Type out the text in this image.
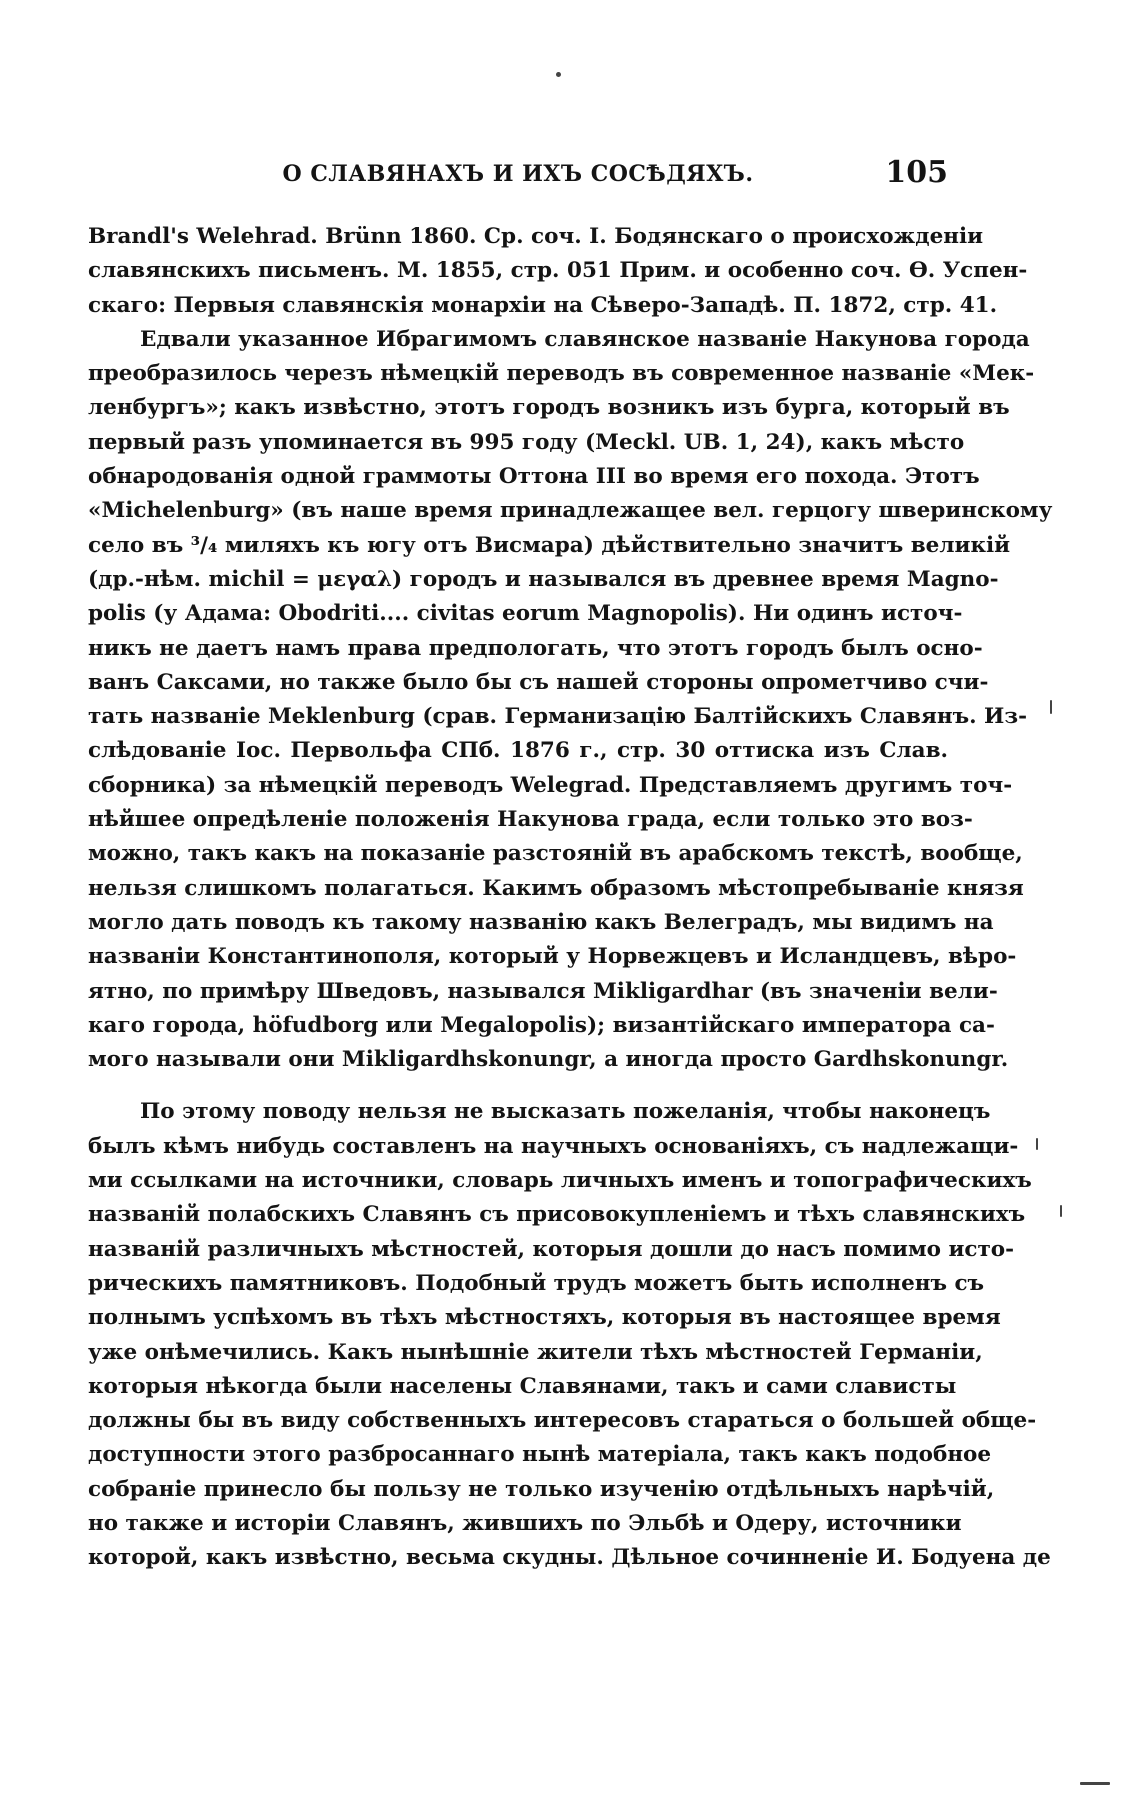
О СЛАВЯНАХЪ И ИХЪ СОСѢДЯХЪ.	105
Brandl's Welehrad. Brünn 1860. Ср. соч. І. Бодянскаго о происхожденіи
славянскихъ письменъ. М. 1855, стр. 051 Прим. и особенно соч. Ѳ. Успен-
скаго: Первыя славянскія монархіи на Сѣверо-Западѣ. П. 1872, стр. 41.
Едвали указанное Ибрагимомъ славянское названіе Накунова города
преобразилось черезъ нѣмецкій переводъ въ современное названіе «Мек-
ленбургъ»; какъ извѣстно, этотъ городъ возникъ изъ бурга, который въ
первый разъ упоминается въ 995 году (Meckl. UB. 1, 24), какъ мѣсто
обнародованія одной граммоты Оттона III во время его похода. Этотъ
«Michelenburg» (въ наше время принадлежащее вел. герцогу шверинскому
село въ ³/₄ миляхъ къ югу отъ Висмара) дѣйствительно значитъ великій
(др.-нѣм. michil = μεγαλ) городъ и назывался въ древнее время Magno-
polis (у Адама: Obodriti.... civitas eorum Magnopolis). Ни одинъ источ-
никъ не даетъ намъ права предпологать, что этотъ городъ былъ осно-
ванъ Саксами, но также было бы съ нашей стороны опрометчиво счи-
тать названіе Meklenburg (срав. Германизацію Балтійскихъ Славянъ. Из-
слѣдованіе Іос. Первольфа СПб. 1876 г., стр. 30 оттиска изъ Слав.
сборника) за нѣмецкій переводъ Welegrad. Представляемъ другимъ точ-
нѣйшее опредѣленіе положенія Накунова града, если только это воз-
можно, такъ какъ на показаніе разстояній въ арабскомъ текстѣ, вообще,
нельзя слишкомъ полагаться. Какимъ образомъ мѣстопребываніе князя
могло дать поводъ къ такому названію какъ Велеградъ, мы видимъ на
названіи Константинополя, который у Норвежцевъ и Исландцевъ, вѣро-
ятно, по примѣру Шведовъ, назывался Mikligardhar (въ значеніи вели-
каго города, höfudborg или Megalopolis); византійскаго императора са-
мого называли они Mikligardhskonungr, а иногда просто Gardhskonungr.
По этому поводу нельзя не высказать пожеланія, чтобы наконецъ
былъ кѣмъ нибудь составленъ на научныхъ основаніяхъ, съ надлежащи-
ми ссылками на источники, словарь личныхъ именъ и топографическихъ
названій полабскихъ Славянъ съ присовокупленіемъ и тѣхъ славянскихъ
названій различныхъ мѣстностей, которыя дошли до насъ помимо истo-
рическихъ памятниковъ. Подобный трудъ можетъ быть исполненъ съ
полнымъ успѣхомъ въ тѣхъ мѣстностяхъ, которыя въ настоящее время
уже онѣмечились. Какъ нынѣшніе жители тѣхъ мѣстностей Германіи,
которыя нѣкогда были населены Славянами, такъ и сами слависты
должны бы въ виду собственныхъ интересовъ стараться о большей обще-
доступности этого разбросаннаго нынѣ матеріала, такъ какъ подобное
собраніе принесло бы пользу не только изученію отдѣльныхъ нарѣчій,
но также и исторіи Славянъ, жившихъ по Эльбѣ и Одеру, источники
которой, какъ извѣстно, весьма скудны. Дѣльное сочинненіе И. Бодуена де
